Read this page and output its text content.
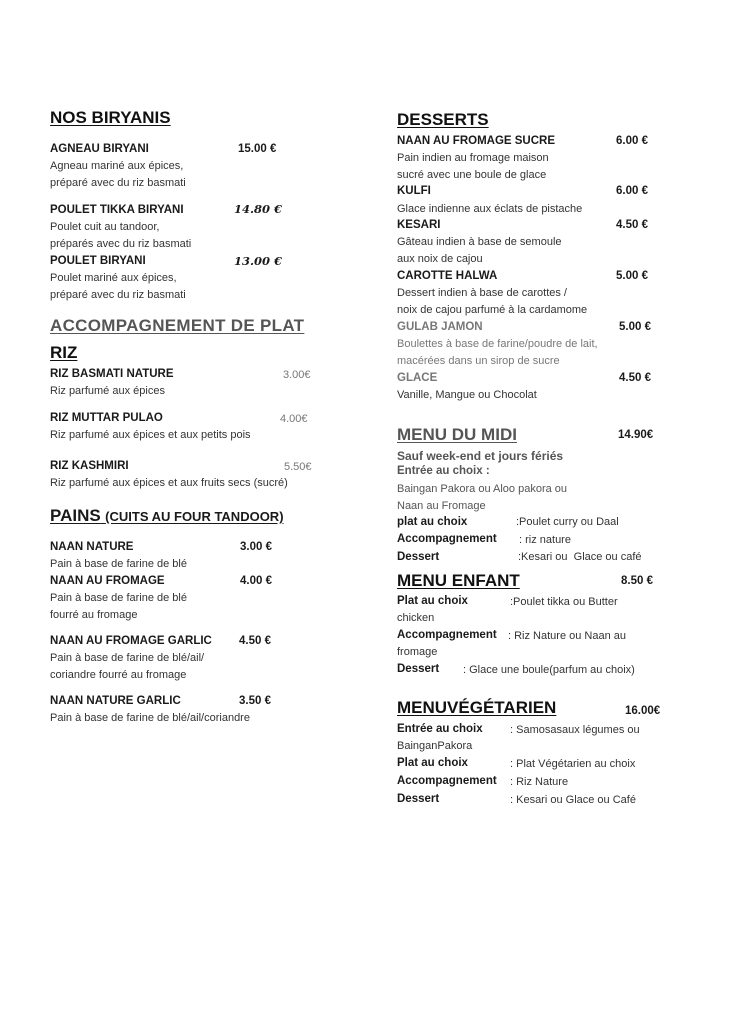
NOS BIRYANIS
AGNEAU BIRYANI	15.00 €
Agneau mariné aux épices,
préparé avec du riz basmati
POULET TIKKA BIRYANI	14.80 €
Poulet cuit au tandoor,
préparés avec du riz basmati
POULET BIRYANI	13.00 €
Poulet mariné aux épices,
préparé avec du riz basmati
ACCOMPAGNEMENT DE PLAT
RIZ
RIZ BASMATI NATURE	3.00€
Riz parfumé aux épices
RIZ MUTTAR PULAO	4.00€
Riz parfumé aux épices et aux petits pois
RIZ KASHMIRI	5.50€
Riz parfumé aux épices et aux fruits secs (sucré)
PAINS (CUITS AU FOUR TANDOOR)
NAAN NATURE	3.00 €
Pain à base de farine de blé
NAAN AU FROMAGE	4.00 €
Pain à base de farine de blé
fourré au fromage
NAAN AU FROMAGE GARLIC 4.50 €
Pain à base de farine de blé/ail/
coriandre fourré au fromage
NAAN NATURE GARLIC	3.50 €
Pain à base de farine de blé/ail/coriandre
DESSERTS
NAAN AU FROMAGE SUCRE	6.00 €
Pain indien au fromage maison
sucré avec une boule de glace
KULFI	6.00 €
Glace indienne aux éclats de pistache
KESARI	4.50 €
Gâteau indien à base de semoule
aux noix de cajou
CAROTTE HALWA	5.00 €
Dessert indien à base de carottes /
noix de cajou parfumé à la cardamome
GULAB JAMON	5.00 €
Boulettes à base de farine/poudre de lait,
macérées dans un sirop de sucre
GLACE	4.50 €
Vanille, Mangue ou Chocolat
MENU DU MIDI	14.90€
Sauf week-end et jours fériés
Entrée au choix :
Baingan Pakora ou Aloo pakora ou
Naan au Fromage
plat au choix	:Poulet curry ou Daal
Accompagnement : riz nature
Dessert	:Kesari ou  Glace ou café
MENU ENFANT	8.50 €
Plat au choix	:Poulet tikka ou Butter
chicken
Accompagnement : Riz Nature ou Naan au
fromage
Dessert : Glace une boule(parfum au choix)
MENUVÉGÉTARIEN	16.00€
Entrée au choix : Samosasaux légumes ou
BainganPakora
Plat au choix	: Plat Végétarien au choix
Accompagnement : Riz Nature
Dessert	: Kesari ou Glace ou Café
